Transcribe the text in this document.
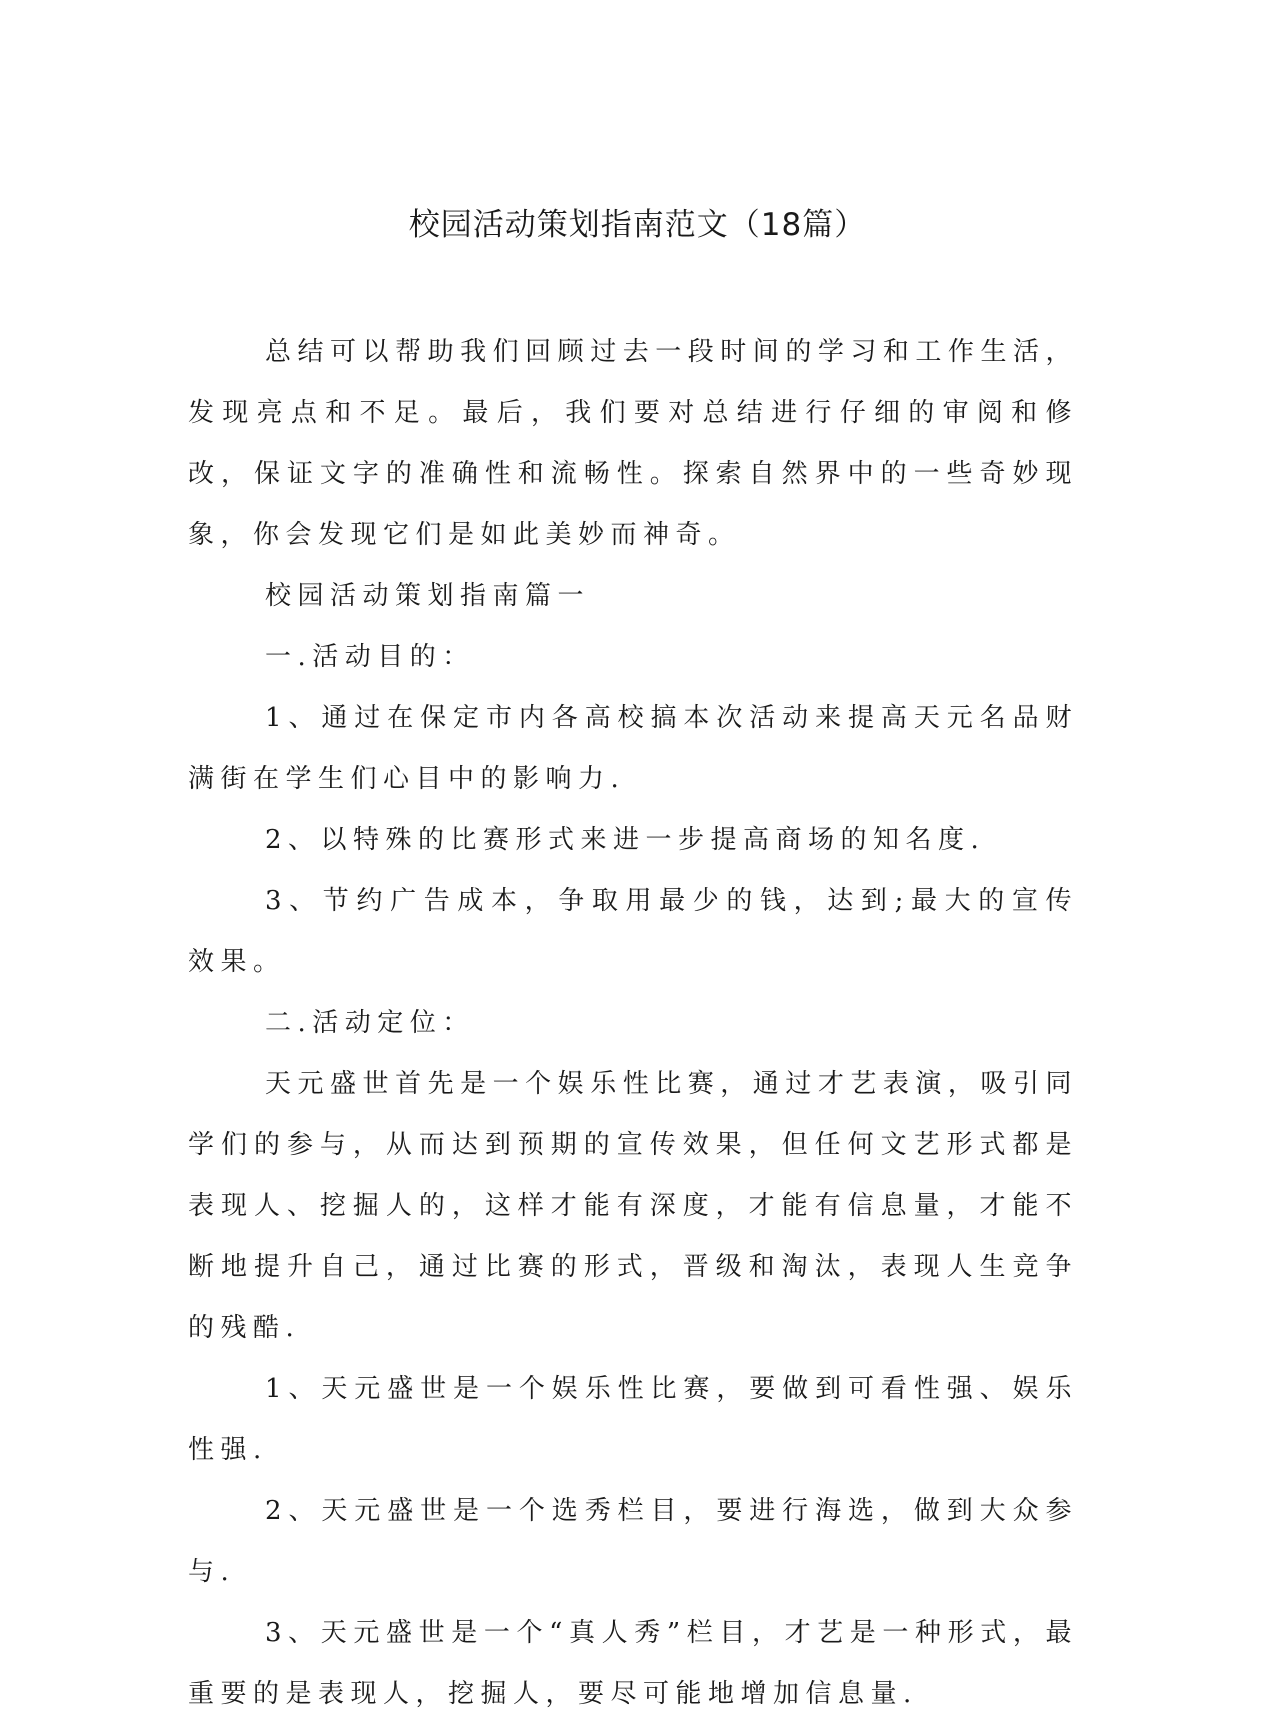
校园活动策划指南范文（18篇）

总结可以帮助我们回顾过去一段时间的学习和工作生活，发现亮点和不足。最后，我们要对总结进行仔细的审阅和修改，保证文字的准确性和流畅性。探索自然界中的一些奇妙现象，你会发现它们是如此美妙而神奇。

校园活动策划指南篇一

一.活动目的：

1、通过在保定市内各高校搞本次活动来提高天元名品财满街在学生们心目中的影响力.

2、以特殊的比赛形式来进一步提高商场的知名度.

3、节约广告成本，争取用最少的钱，达到;最大的宣传效果。

二.活动定位：

天元盛世首先是一个娱乐性比赛，通过才艺表演，吸引同学们的参与，从而达到预期的宣传效果，但任何文艺形式都是表现人、挖掘人的，这样才能有深度，才能有信息量，才能不断地提升自己，通过比赛的形式，晋级和淘汰，表现人生竞争的残酷.

1、天元盛世是一个娱乐性比赛，要做到可看性强、娱乐性强.

2、天元盛世是一个选秀栏目，要进行海选，做到大众参与.

3、天元盛世是一个“真人秀”栏目，才艺是一种形式，最重要的是表现人，挖掘人，要尽可能地增加信息量.
